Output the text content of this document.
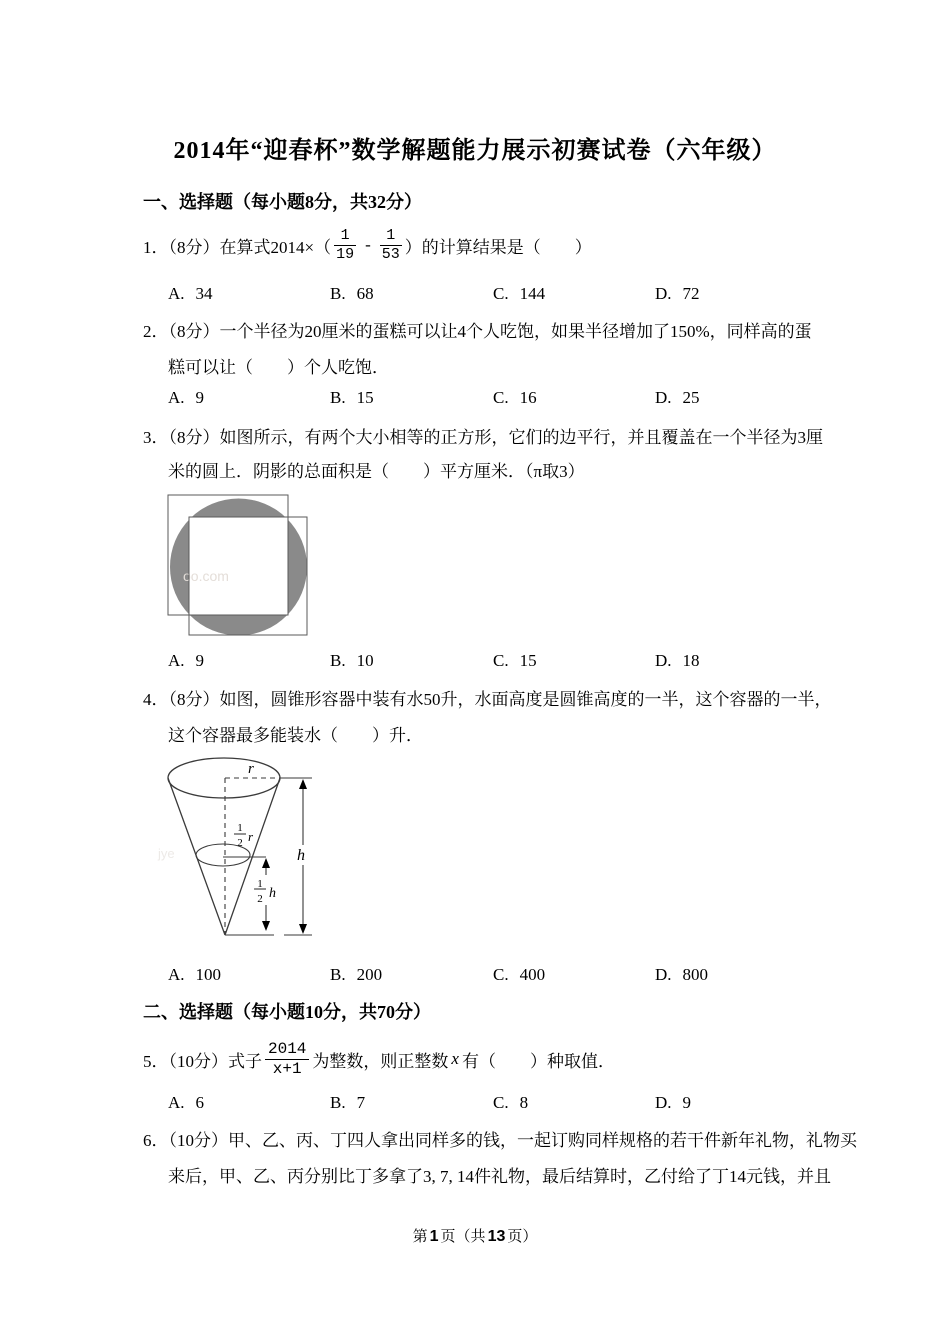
2014年“迎春杯”数学解题能力展示初赛试卷（六年级）
一、选择题（每小题8分，共32分）
1．（8分）在算式$2014\times( \frac{1}{19} - \frac{1}{53}$ ）的计算结果是（　　）
A. 34	B. 68	C. 144	D. 72
2．（8分）一个半径为20厘米的蛋糕可以让4个人吃饱，如果半径增加了150%，同样高的蛋
糕可以让（　　）个人吃饱．
A. 9	B. 15	C. 16	D. 25
3．（8分）如图所示，有两个大小相等的正方形，它们的边平行，并且覆盖在一个半径为3厘
米的圆上．阴影的总面积是（　　）平方厘米．（π取3）
oo.com
A. 9	B. 10	C. 15	D. 18
4．（8分）如图，圆锥形容器中装有水50升，水面高度是圆锥高度的一半，这个容器的一半，
这个容器最多能装水（　　）升．
jye
r
h
1
2 r
1
2 h
A. 100	B. 200	C. 400	D. 800
二、选择题（每小题10分，共70分）
5．（10分）式子 $\frac{2014}{x+1}$ 为整数，则正整数 x 有（　　）种取值．
A. 6	B. 7	C. 8	D. 9
6．（10分）甲、乙、丙、丁四人拿出同样多的钱，一起订购同样规格的若干件新年礼物，礼物买
来后，甲、乙、丙分别比丁多拿了3, 7, 14件礼物，最后结算时，乙付给了丁14元钱，并且
第 1 页（共 13 页）
